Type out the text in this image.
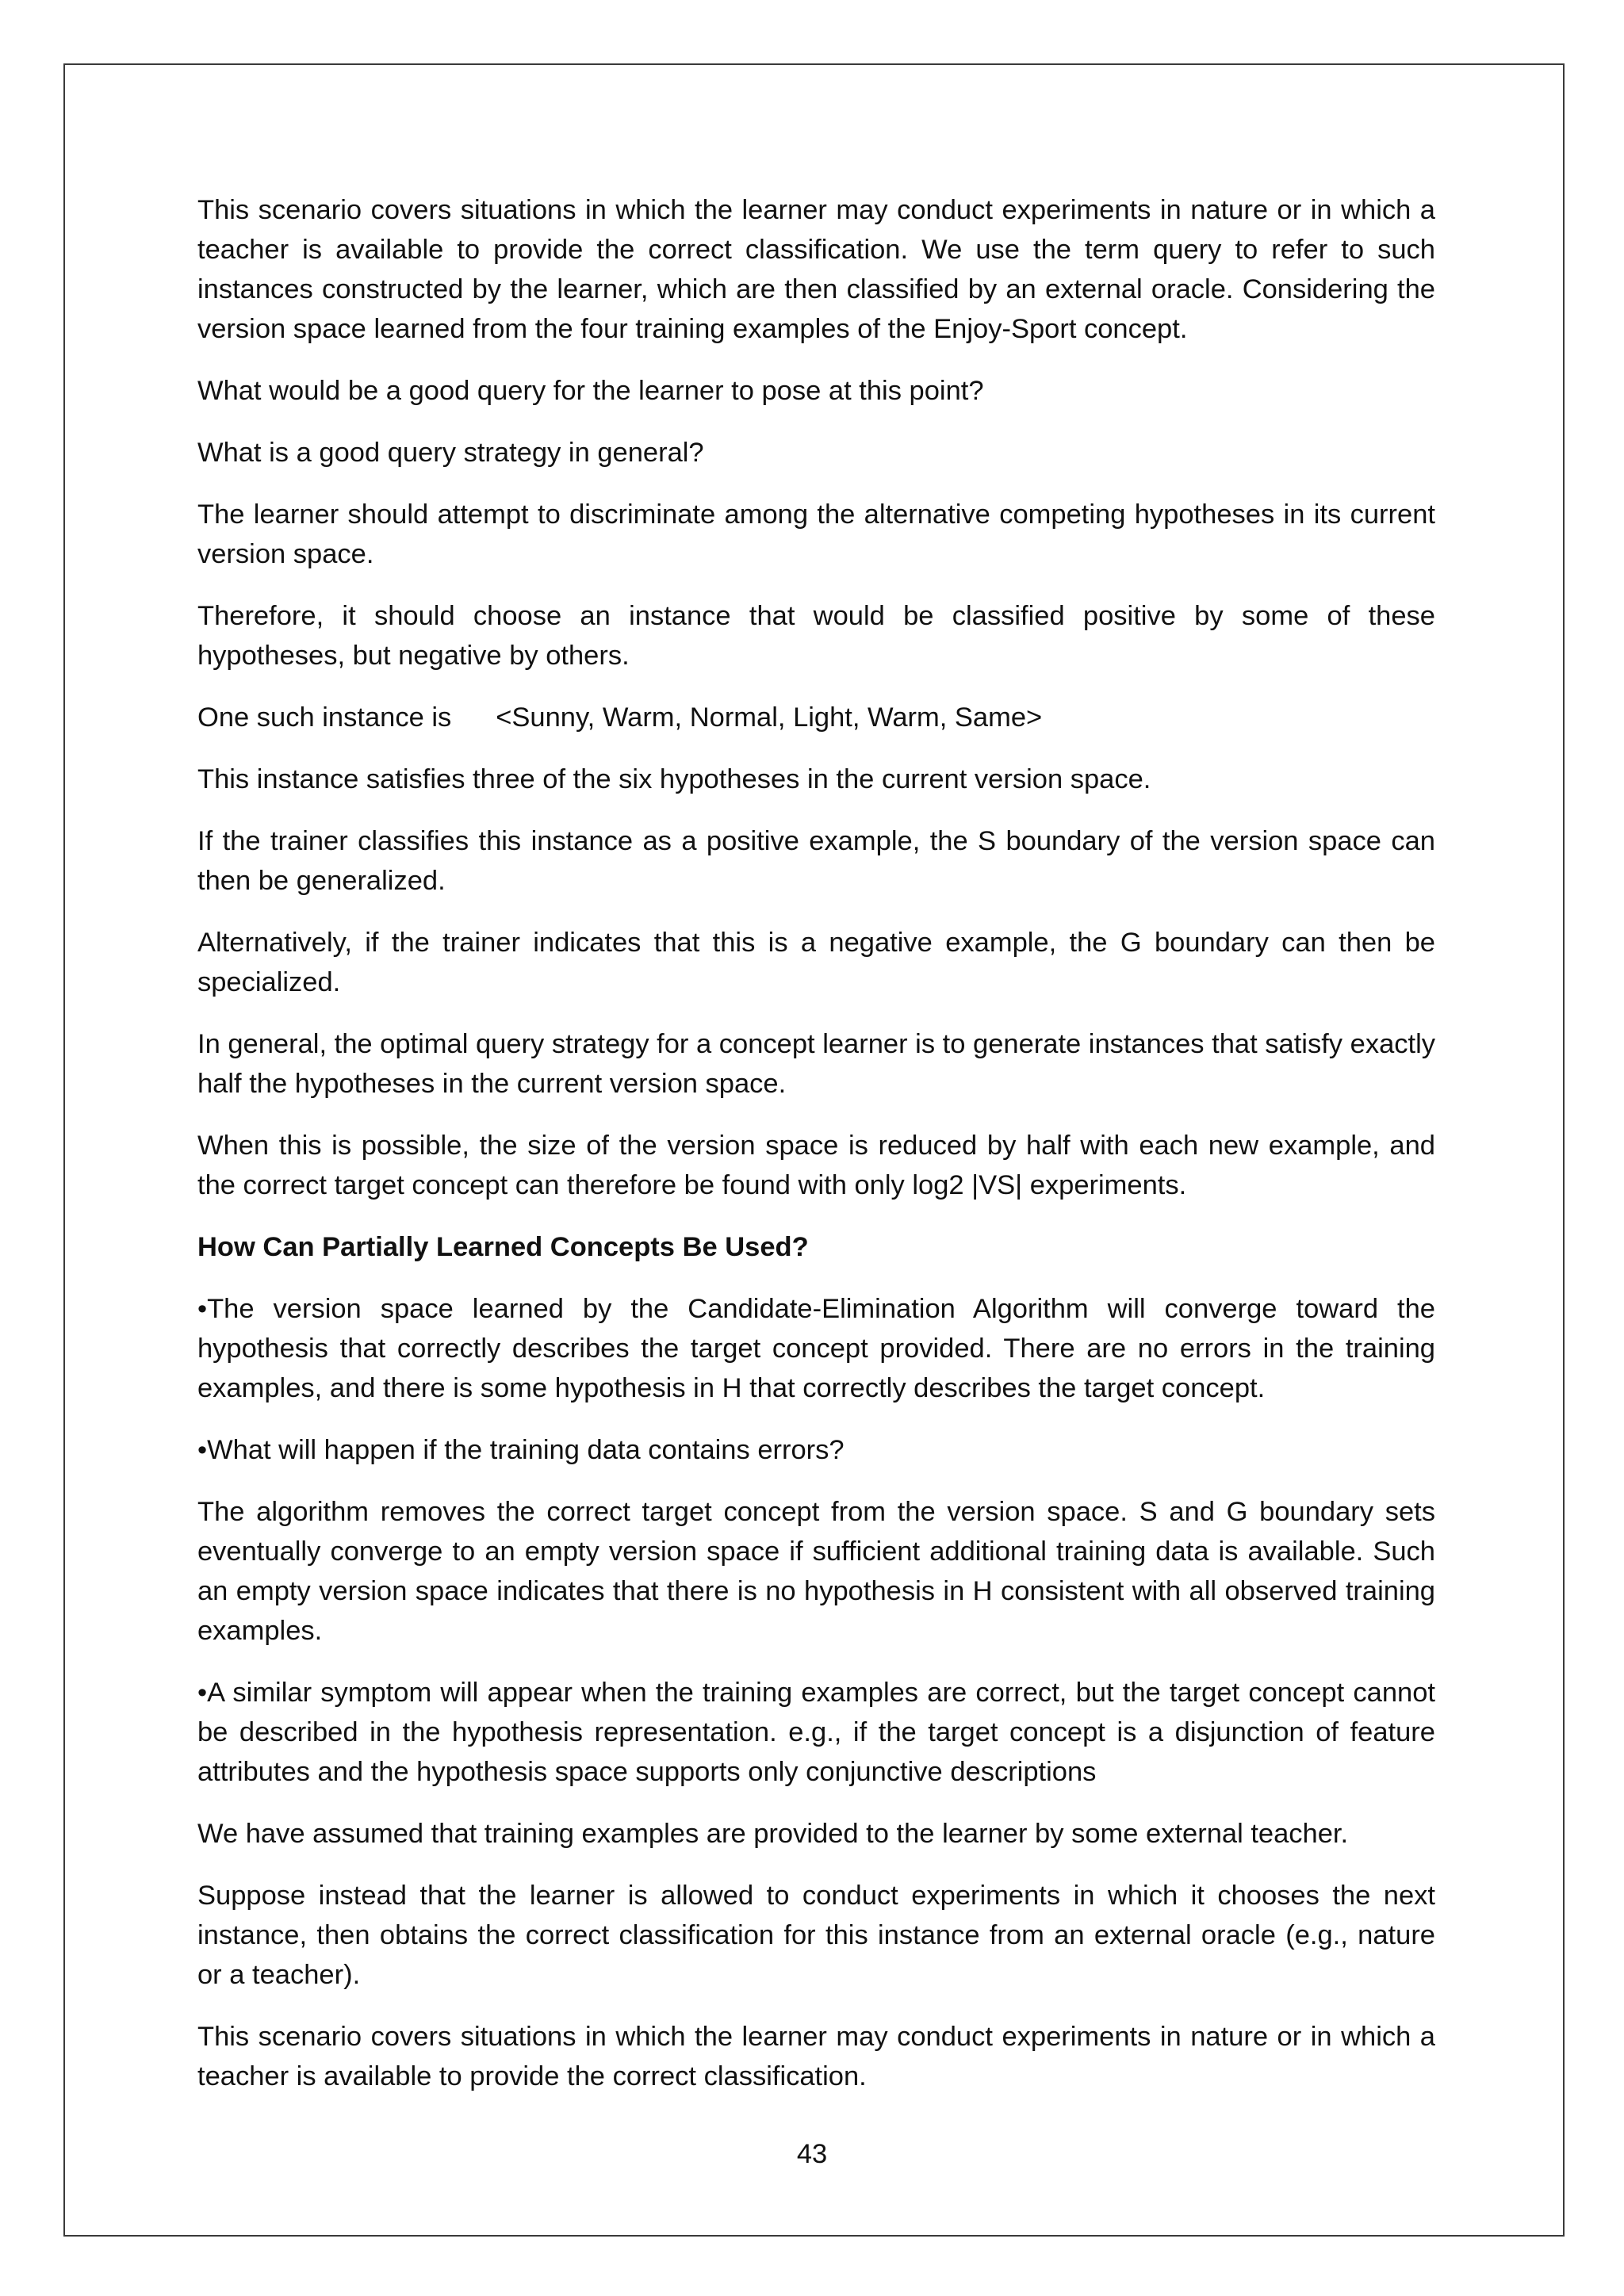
This scenario covers situations in which the learner may conduct experiments in nature or in which a teacher is available to provide the correct classification. We use the term query to refer to such instances constructed by the learner, which are then classified by an external oracle. Considering the version space learned from the four training examples of the Enjoy-Sport concept.

What would be a good query for the learner to pose at this point?

What is a good query strategy in general?

The learner should attempt to discriminate among the alternative competing hypotheses in its current version space.

Therefore, it should choose an instance that would be classified positive by some of these hypotheses, but negative by others.

One such instance is <Sunny, Warm, Normal, Light, Warm, Same>

This instance satisfies three of the six hypotheses in the current version space.

If the trainer classifies this instance as a positive example, the S boundary of the version space can then be generalized.

Alternatively, if the trainer indicates that this is a negative example, the G boundary can then be specialized.

In general, the optimal query strategy for a concept learner is to generate instances that satisfy exactly half the hypotheses in the current version space.

When this is possible, the size of the version space is reduced by half with each new example, and the correct target concept can therefore be found with only log2 |VS| experiments.

How Can Partially Learned Concepts Be Used?

•The version space learned by the Candidate-Elimination Algorithm will converge toward the hypothesis that correctly describes the target concept provided. There are no errors in the training examples, and there is some hypothesis in H that correctly describes the target concept.

•What will happen if the training data contains errors?

The algorithm removes the correct target concept from the version space. S and G boundary sets eventually converge to an empty version space if sufficient additional training data is available. Such an empty version space indicates that there is no hypothesis in H consistent with all observed training examples.

•A similar symptom will appear when the training examples are correct, but the target concept cannot be described in the hypothesis representation. e.g., if the target concept is a disjunction of feature attributes and the hypothesis space supports only conjunctive descriptions

We have assumed that training examples are provided to the learner by some external teacher.

Suppose instead that the learner is allowed to conduct experiments in which it chooses the next instance, then obtains the correct classification for this instance from an external oracle (e.g., nature or a teacher).

This scenario covers situations in which the learner may conduct experiments in nature or in which a teacher is available to provide the correct classification.

43
